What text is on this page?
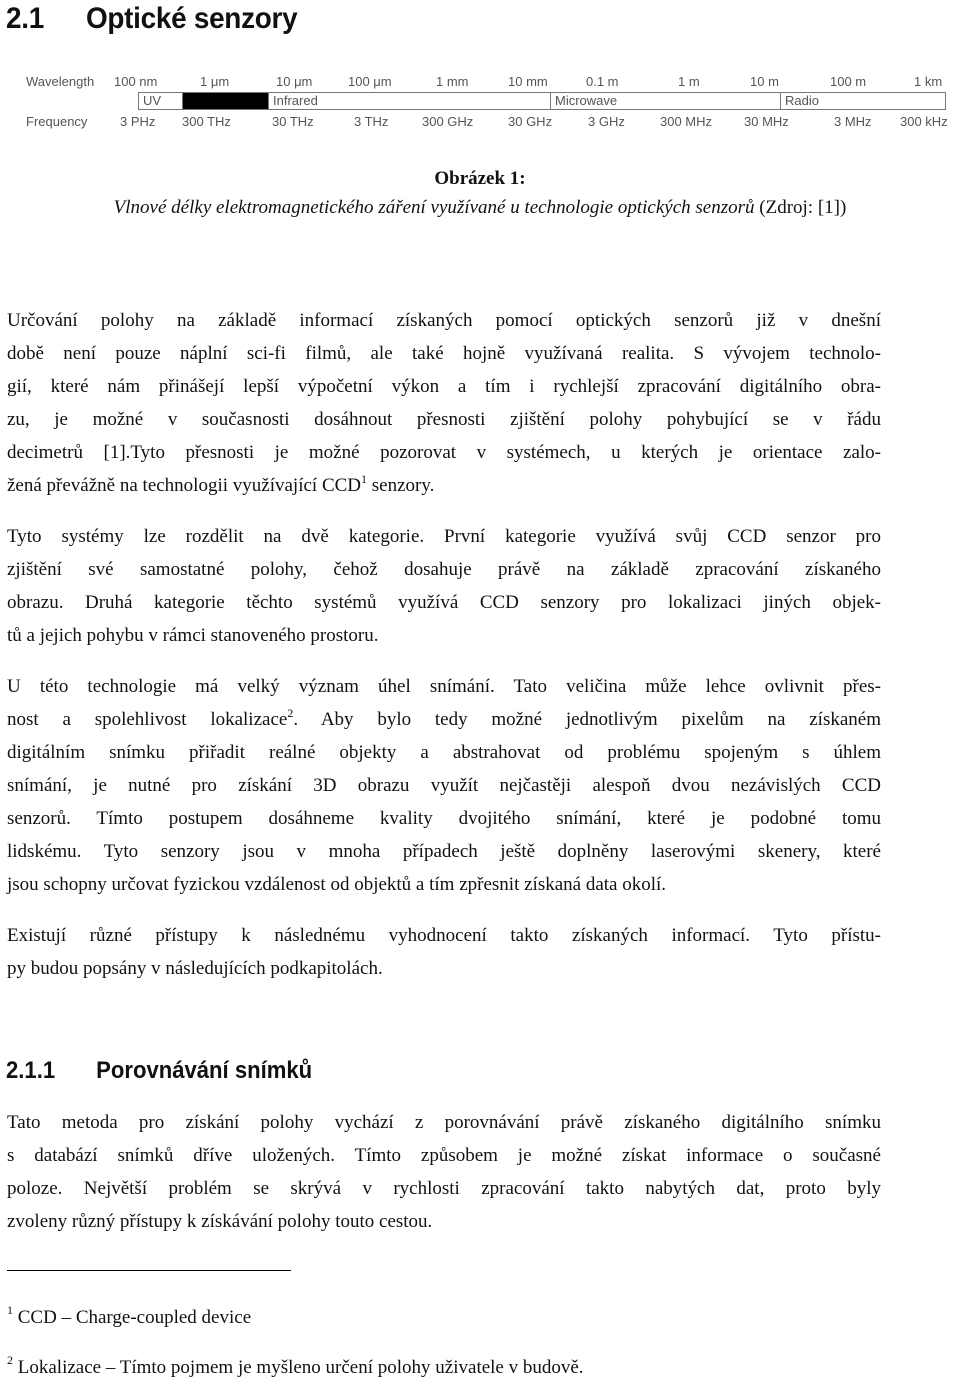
2.1 Optické senzory
Wavelength
Frequency
100 nm	1 μm	10 μm	100 μm	1 mm	10 mm	0.1 m	1 m	10 m	100 m	1 km
UV	Infrared	Microwave	Radio
3 PHz 300 THz	30 THz	3 THz	300 GHz	30 GHz	3 GHz	300 MHz 30 MHz	3 MHz 300 kHz
Obrázek 1:
Vlnové délky elektromagnetického záření využívané u technologie optických senzorů (Zdroj: [1])
Určování polohy na základě informací získaných pomocí optických senzorů již v dnešní
době není pouze náplní sci-fi filmů, ale také hojně využívaná realita. S vývojem technolo-
gií, které nám přinášejí lepší výpočetní výkon a tím i rychlejší zpracování digitálního obra-
zu, je možné v současnosti dosáhnout přesnosti zjištění polohy pohybující se v řádu
decimetrů [1].Tyto přesnosti je možné pozorovat v systémech, u kterých je orientace zalo-
žená převážně na technologii využívající CCD$^1$ senzory.
Tyto systémy lze rozdělit na dvě kategorie. První kategorie využívá svůj CCD senzor pro
zjištění své samostatné polohy, čehož dosahuje právě na základě zpracování získaného
obrazu. Druhá kategorie těchto systémů využívá CCD senzory pro lokalizaci jiných objek-
tů a jejich pohybu v rámci stanoveného prostoru.
U této technologie má velký význam úhel snímání. Tato veličina může lehce ovlivnit přes-
nost a spolehlivost lokalizace$^2$. Aby bylo tedy možné jednotlivým pixelům na získaném
digitálním snímku přiřadit reálné objekty a abstrahovat od problému spojeným s úhlem
snímání, je nutné pro získání 3D obrazu využít nejčastěji alespoň dvou nezávislých CCD
senzorů. Tímto postupem dosáhneme kvality dvojitého snímání, které je podobné tomu
lidskému. Tyto senzory jsou v mnoha případech ještě doplněny laserovými skenery, které
jsou schopny určovat fyzickou vzdálenost od objektů a tím zpřesnit získaná data okolí.
Existují různé přístupy k následnému vyhodnocení takto získaných informací. Tyto přístu-
py budou popsány v následujících podkapitolách.
2.1.1 Porovnávání snímků
Tato metoda pro získání polohy vychází z porovnávání právě získaného digitálního snímku
s databází snímků dříve uložených. Tímto způsobem je možné získat informace o současné
poloze. Největší problém se skrývá v rychlosti zpracování takto nabytých dat, proto byly
zvoleny různý přístupy k získávání polohy touto cestou.
$^1$ CCD – Charge-coupled device
$^2$ Lokalizace – Tímto pojmem je myšleno určení polohy uživatele v budově.
